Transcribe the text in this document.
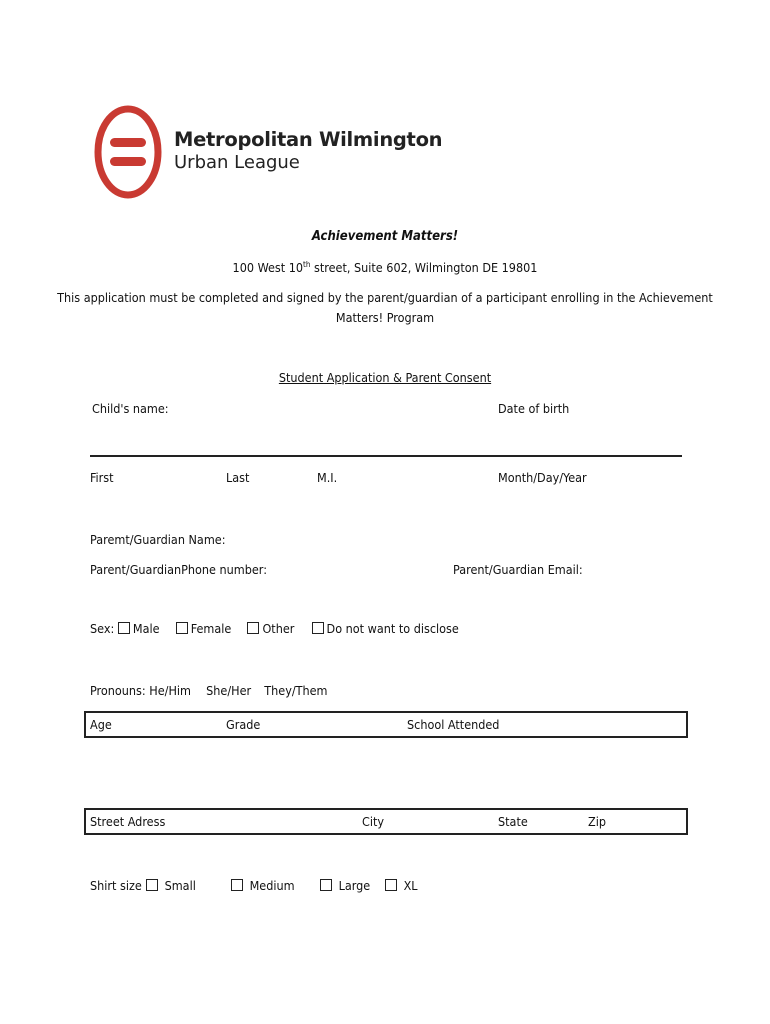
Metropolitan Wilmington
Urban League
Achievement Matters!
100 West 10th street, Suite 602, Wilmington DE 19801
This application must be completed and signed by the parent/guardian of a participant enrolling in the Achievement
Matters! Program
Student Application & Parent Consent
Child's name:	Date of birth
First	Last	M.I.	Month/Day/Year
Paremt/Guardian Name:
Parent/GuardianPhone number:	Parent/Guardian Email:
Sex: Male Female Other	Do not want to disclose
Pronouns: He/Him She/Her They/Them
Age	Grade	School Attended
Street Adress	City	State	Zip
Shirt size	Small	Medium	Large	XL
